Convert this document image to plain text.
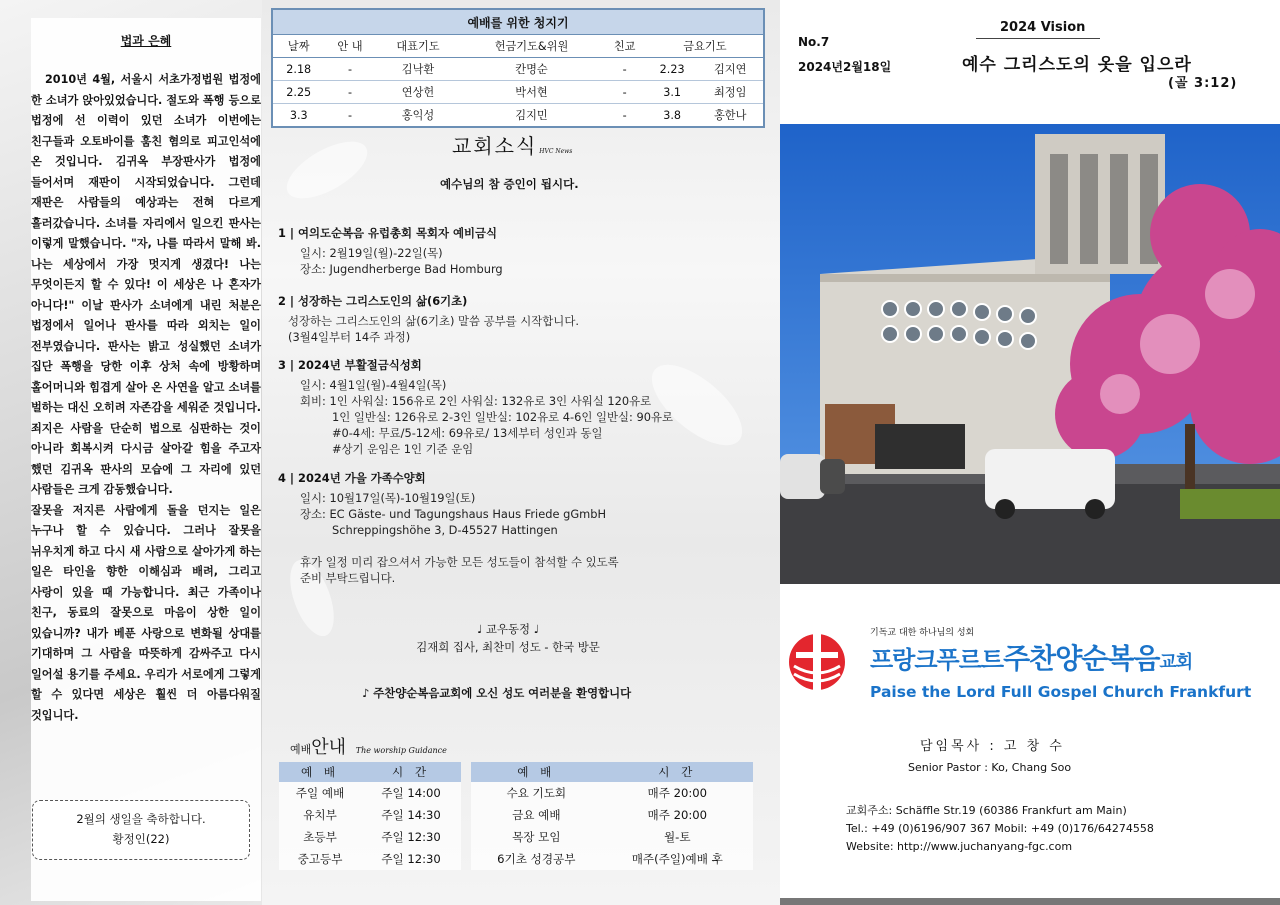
법과 은혜
2010년 4월, 서울시 서초가정법원 법정에 한 소녀가 앉아있었습니다. 절도와 폭행 등으로 법정에 선 이력이 있던 소녀가 이번에는 친구들과 오토바이를 훔친 혐의로 피고인석에 온 것입니다. 김귀옥 부장판사가 법정에 들어서며 재판이 시작되었습니다. 그런데 재판은 사람들의 예상과는 전혀 다르게 흘러갔습니다. 소녀를 자리에서 일으킨 판사는 이렇게 말했습니다. "자, 나를 따라서 말해 봐. 나는 세상에서 가장 멋지게 생겼다! 나는 무엇이든지 할 수 있다! 이 세상은 나 혼자가 아니다!" 이날 판사가 소녀에게 내린 처분은 법정에서 일어나 판사를 따라 외치는 일이 전부였습니다. 판사는 밝고 성실했던 소녀가 집단 폭행을 당한 이후 상처 속에 방황하며 홀어머니와 힘겹게 살아 온 사연을 알고 소녀를 벌하는 대신 오히려 자존감을 세워준 것입니다. 죄지은 사람을 단순히 법으로 심판하는 것이 아니라 회복시켜 다시금 살아갈 힘을 주고자 했던 김귀옥 판사의 모습에 그 자리에 있던 사람들은 크게 감동했습니다.
잘못을 저지른 사람에게 돌을 던지는 일은 누구나 할 수 있습니다. 그러나 잘못을 뉘우치게 하고 다시 새 사람으로 살아가게 하는 일은 타인을 향한 이해심과 배려, 그리고 사랑이 있을 때 가능합니다. 최근 가족이나 친구, 동료의 잘못으로 마음이 상한 일이 있습니까? 내가 베푼 사랑으로 변화될 상대를 기대하며 그 사람을 따뜻하게 감싸주고 다시 일어설 용기를 주세요. 우리가 서로에게 그렇게 할 수 있다면 세상은 훨씬 더 아름다워질 것입니다.
2월의 생일을 축하합니다.
황정인(22)
예배를 위한 청지기						
날짜	안 내	대표기도	헌금기도&위원	친교	금요기도	
2.18	-	김낙환	칸명순	-	2.23	김지연
2.25	-	연상헌	박서현	-	3.1	최정임
3.3	-	홍익성	김지민	-	3.8	홍한나
교회소식 HVC News
예수님의 참 증인이 됩시다.
1 | 여의도순복음 유럽총회 목회자 예비금식
일시: 2월19일(월)-22일(목)
장소: Jugendherberge Bad Homburg
2 | 성장하는 그리스도인의 삶(6기초)
성장하는 그리스도인의 삶(6기초) 말씀 공부를 시작합니다.
(3월4일부터 14주 과정)
3 | 2024년 부활절금식성회
일시: 4월1일(월)-4월4일(목)
회비: 1인 사워실: 156유로 2인 사워실: 132유로 3인 사워실 120유로
1인 일반실: 126유로 2-3인 일반실: 102유로 4-6인 일반실: 90유로
#0-4세: 무료/5-12세: 69유로/ 13세부터 성인과 동일
#상기 운임은 1인 기준 운임
4 | 2024년 가을 가족수양회
일시: 10월17일(목)-10월19일(토)
장소: EC Gäste- und Tagungshaus Haus Friede gGmbH
Schreppingshöhe 3, D-45527 Hattingen
휴가 일정 미리 잡으셔서 가능한 모든 성도들이 참석할 수 있도록
준비 부탁드립니다.
♩ 교우동정 ♩
김재희 집사, 최찬미 성도 - 한국 방문
♪ 주찬양순복음교회에 오신 성도 여러분을 환영합니다
예배안내 The worship Guidance
예 배	시 간		예 배	시 간
주일 예배	주일 14:00		수요 기도회	매주 20:00
유치부	주일 14:30		금요 예배	매주 20:00
초등부	주일 12:30		목장 모임	월-토
중고등부	주일 12:30		6기초 성경공부	매주(주일)예배 후
No.7
2024년2월18일
2024 Vision
예수 그리스도의 옷을 입으라
(골 3:12)
기독교 대한 하나님의 성회
프랑크푸르트주찬양순복음교회
Paise the Lord Full Gospel Church Frankfurt
담임목사 : 고 창 수
Senior Pastor : Ko, Chang Soo
교회주소: Schäffle Str.19 (60386 Frankfurt am Main)
Tel.: +49 (0)6196/907 367 Mobil: +49 (0)176/64274558
Website: http://www.juchanyang-fgc.com
